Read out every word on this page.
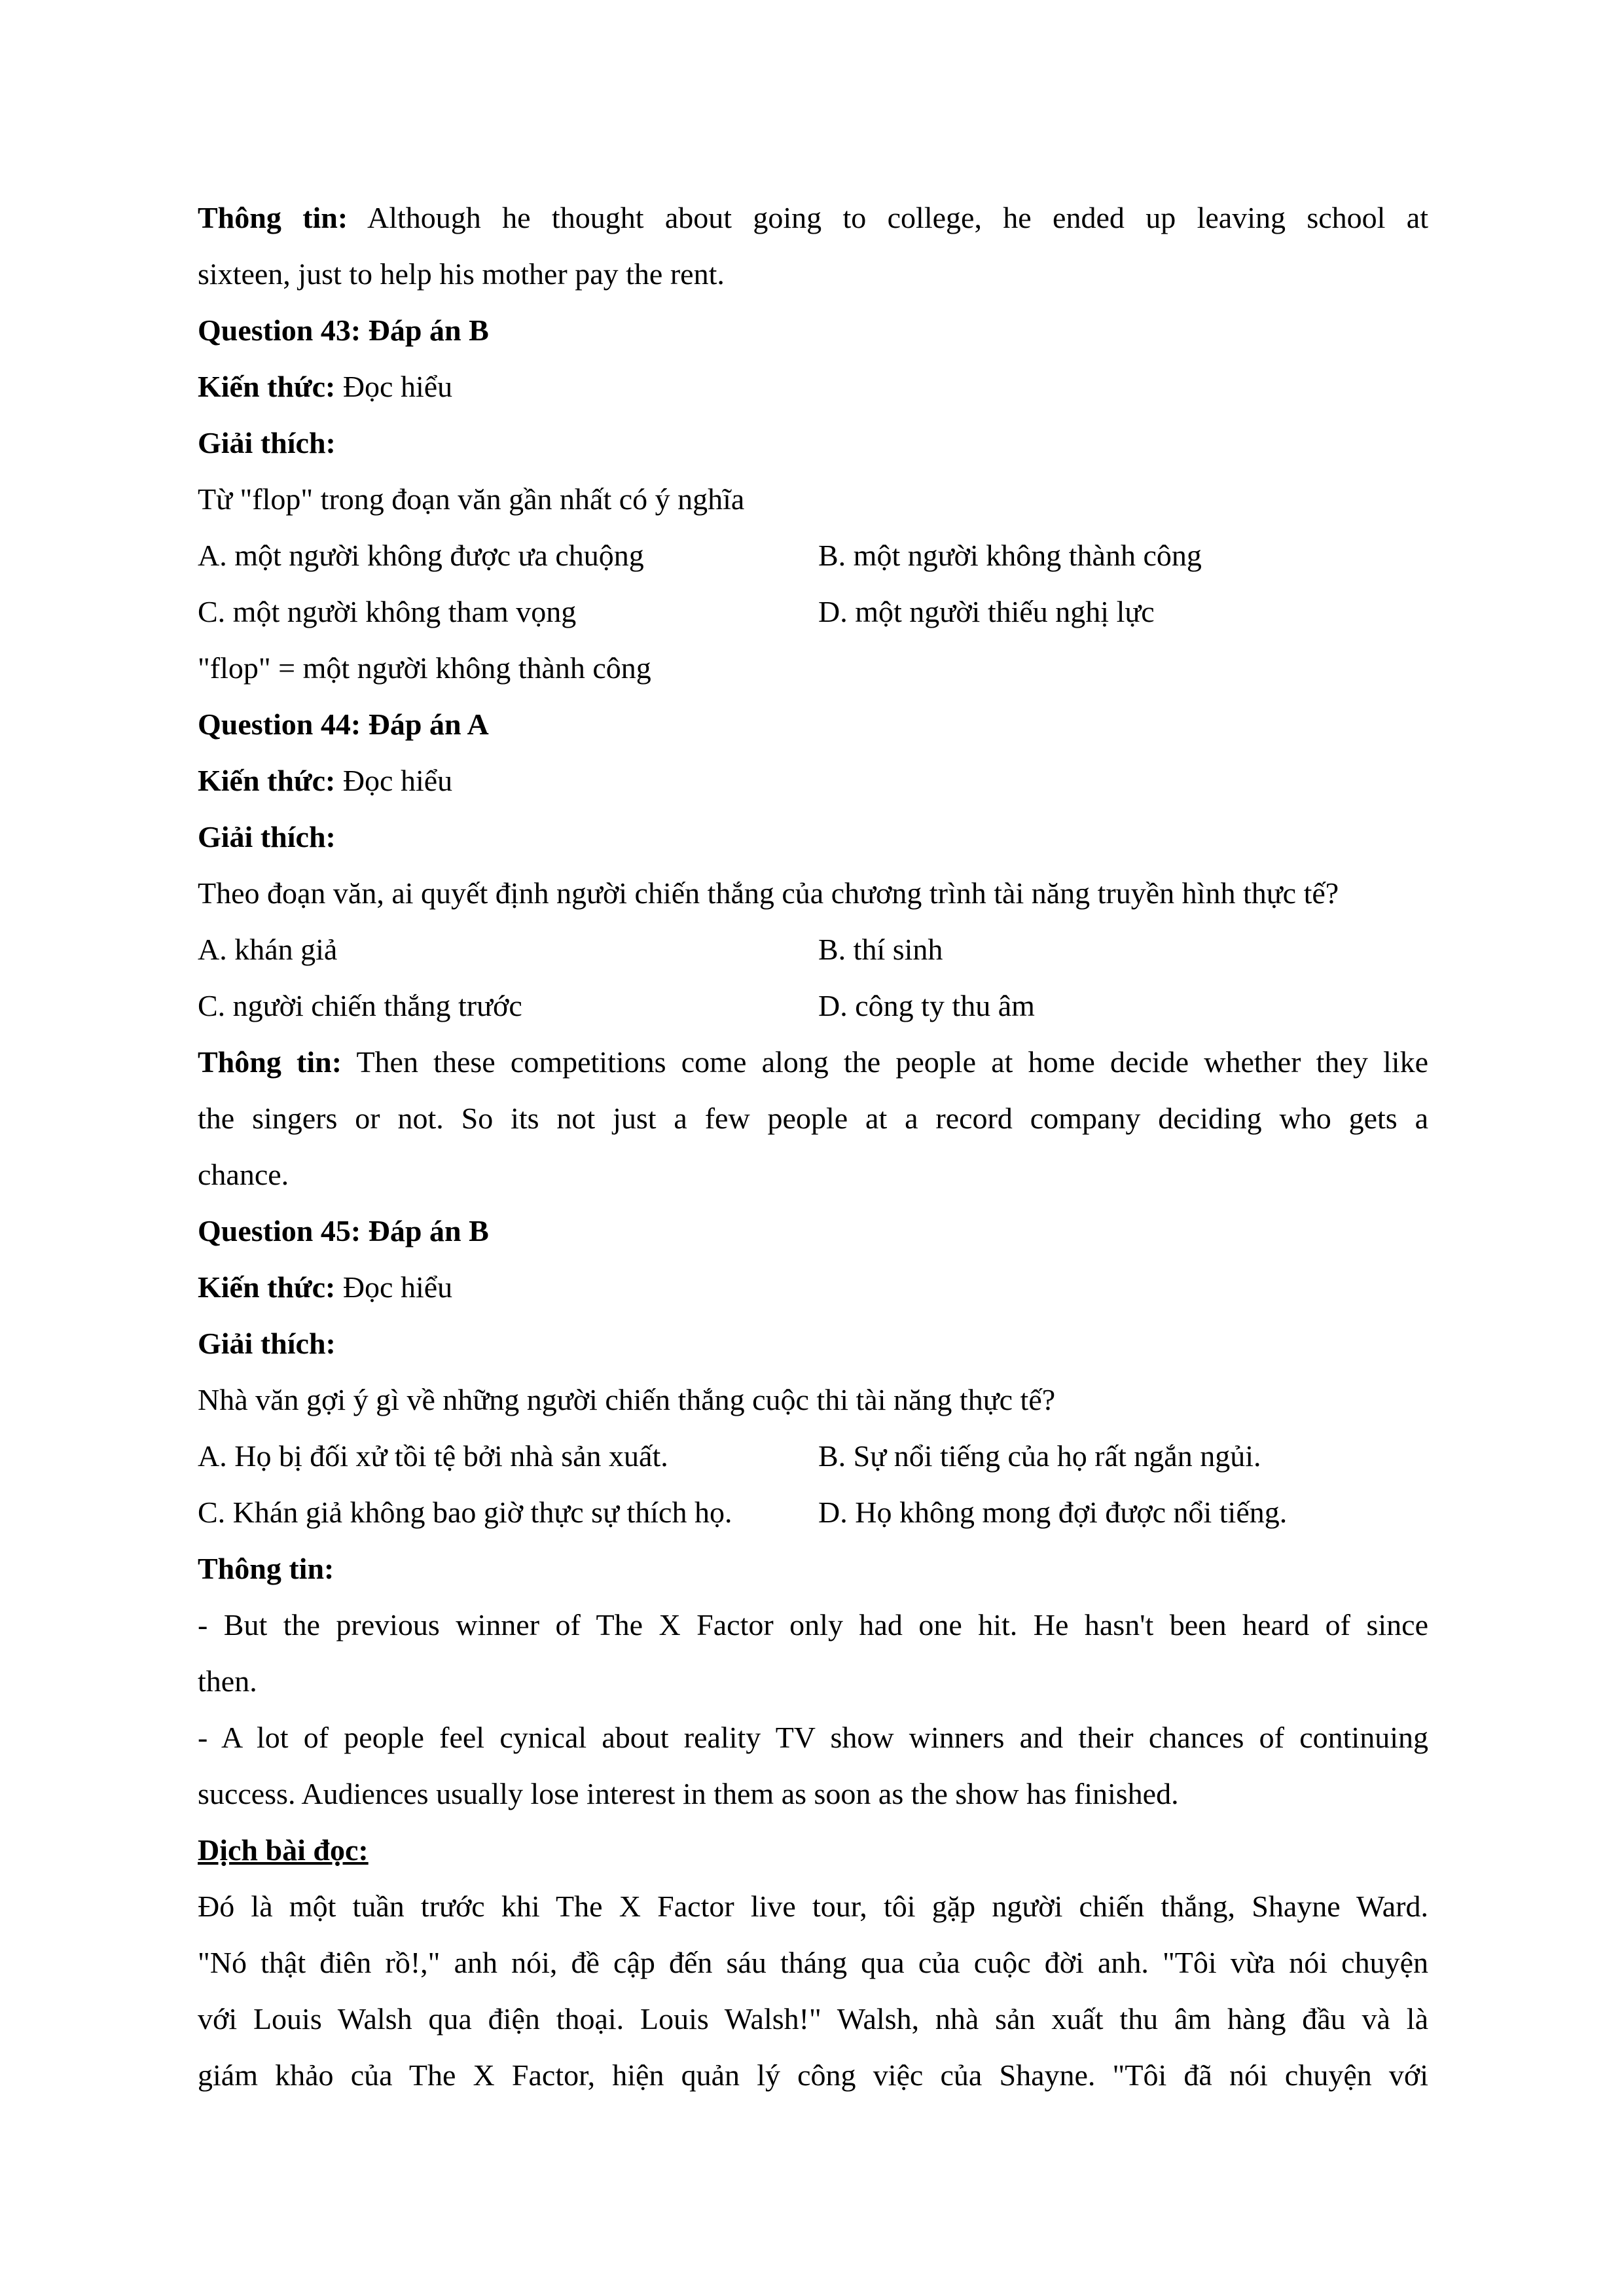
Thông tin: Although he thought about going to college, he ended up leaving school at
sixteen, just to help his mother pay the rent.
Question 43: Đáp án B
Kiến thức: Đọc hiểu
Giải thích:
Từ "flop" trong đoạn văn gần nhất có ý nghĩa
A. một người không được ưa chuộng	B. một người không thành công
C. một người không tham vọng	D. một người thiếu nghị lực
"flop" = một người không thành công
Question 44: Đáp án A
Kiến thức: Đọc hiểu
Giải thích:
Theo đoạn văn, ai quyết định người chiến thắng của chương trình tài năng truyền hình thực tế?
A. khán giả	B. thí sinh
C. người chiến thắng trước	D. công ty thu âm
Thông tin: Then these competitions come along the people at home decide whether they like
the singers or not. So its not just a few people at a record company deciding who gets a
chance.
Question 45: Đáp án B
Kiến thức: Đọc hiểu
Giải thích:
Nhà văn gợi ý gì về những người chiến thắng cuộc thi tài năng thực tế?
A. Họ bị đối xử tồi tệ bởi nhà sản xuất.	B. Sự nổi tiếng của họ rất ngắn ngủi.
C. Khán giả không bao giờ thực sự thích họ.	D. Họ không mong đợi được nổi tiếng.
Thông tin:
- But the previous winner of The X Factor only had one hit. He hasn't been heard of since
then.
- A lot of people feel cynical about reality TV show winners and their chances of continuing
success. Audiences usually lose interest in them as soon as the show has finished.
Dịch bài đọc:
Đó là một tuần trước khi The X Factor live tour, tôi gặp người chiến thắng, Shayne Ward.
"Nó thật điên rồ!," anh nói, đề cập đến sáu tháng qua của cuộc đời anh. "Tôi vừa nói chuyện
với Louis Walsh qua điện thoại. Louis Walsh!" Walsh, nhà sản xuất thu âm hàng đầu và là
giám khảo của The X Factor, hiện quản lý công việc của Shayne. "Tôi đã nói chuyện với
